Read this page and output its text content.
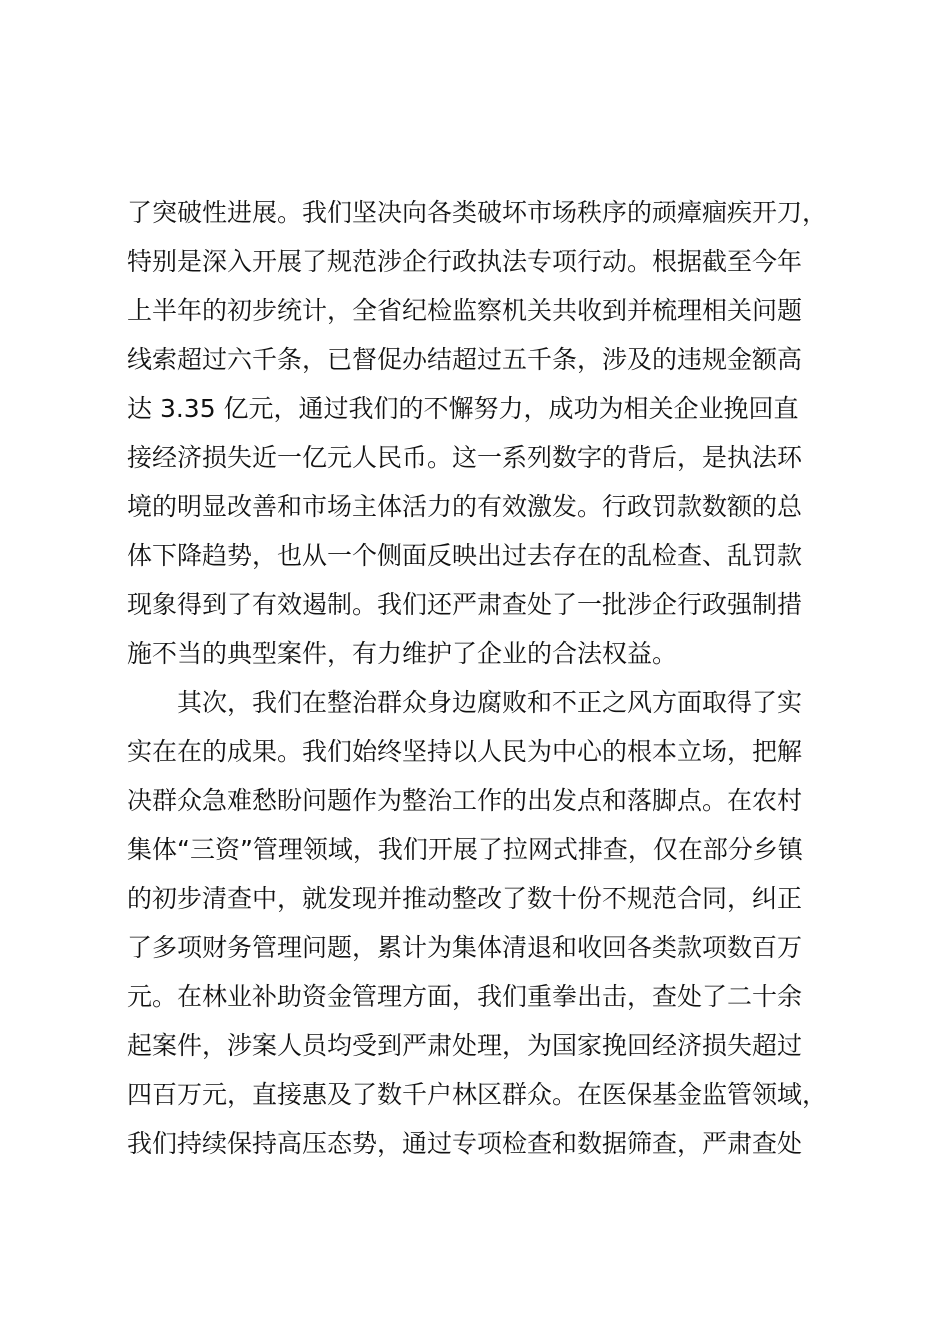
了突破性进展。我们坚决向各类破坏市场秩序的顽瘴痼疾开刀，
特别是深入开展了规范涉企行政执法专项行动。根据截至今年
上半年的初步统计，全省纪检监察机关共收到并梳理相关问题
线索超过六千条，已督促办结超过五千条，涉及的违规金额高
达 3.35 亿元，通过我们的不懈努力，成功为相关企业挽回直
接经济损失近一亿元人民币。这一系列数字的背后，是执法环
境的明显改善和市场主体活力的有效激发。行政罚款数额的总
体下降趋势，也从一个侧面反映出过去存在的乱检查、乱罚款
现象得到了有效遏制。我们还严肃查处了一批涉企行政强制措
施不当的典型案件，有力维护了企业的合法权益。
其次，我们在整治群众身边腐败和不正之风方面取得了实
实在在的成果。我们始终坚持以人民为中心的根本立场，把解
决群众急难愁盼问题作为整治工作的出发点和落脚点。在农村
集体“三资”管理领域，我们开展了拉网式排查，仅在部分乡镇
的初步清查中，就发现并推动整改了数十份不规范合同，纠正
了多项财务管理问题，累计为集体清退和收回各类款项数百万
元。在林业补助资金管理方面，我们重拳出击，查处了二十余
起案件，涉案人员均受到严肃处理，为国家挽回经济损失超过
四百万元，直接惠及了数千户林区群众。在医保基金监管领域，
我们持续保持高压态势，通过专项检查和数据筛查，严肃查处
